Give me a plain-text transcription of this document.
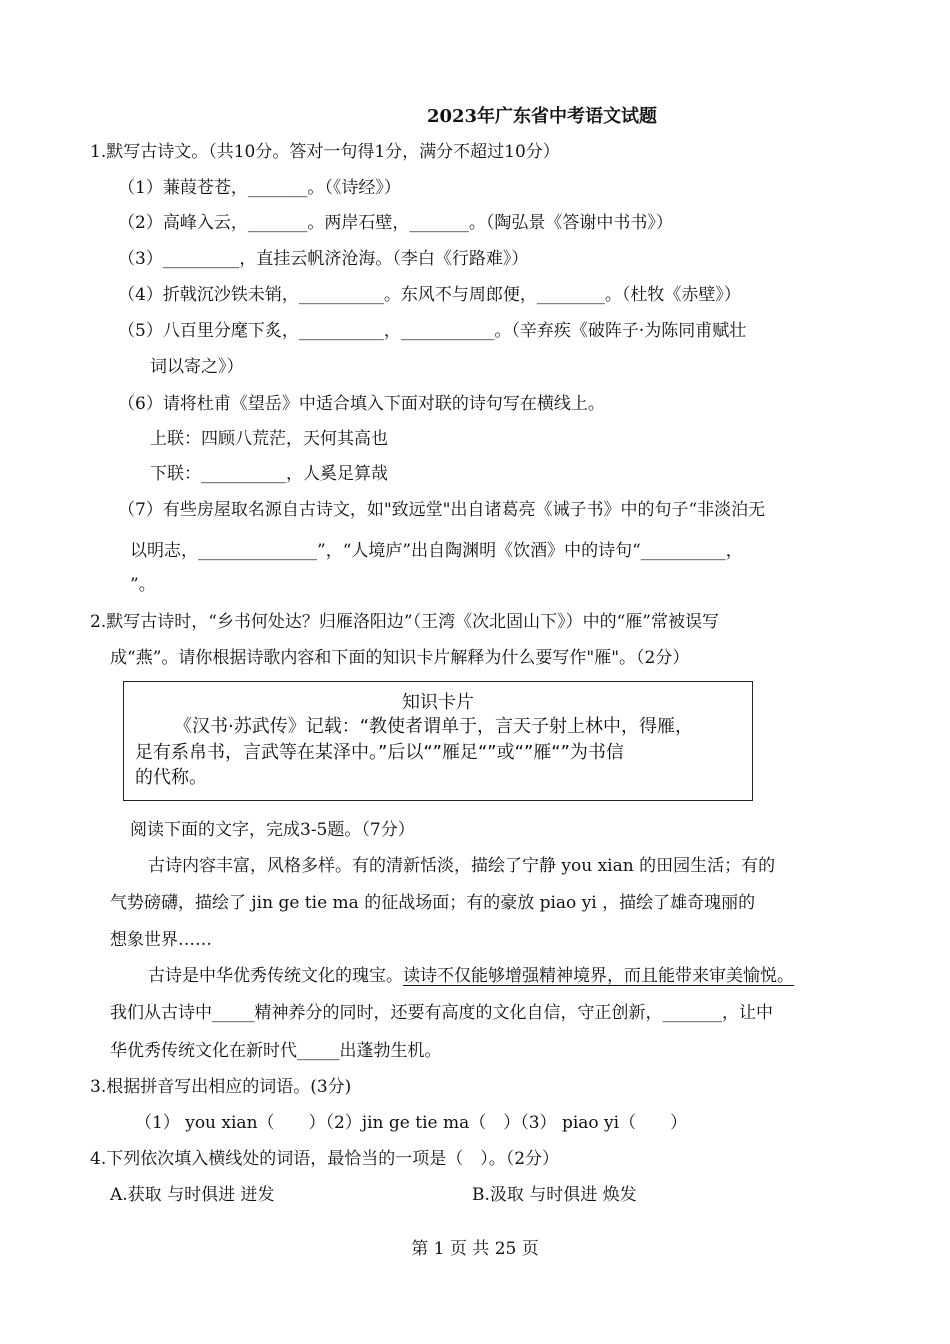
2023年广东省中考语文试题
1.默写古诗文。（共10分。答对一句得1分，满分不超过10分）
（1）蒹葭苍苍，_______。（《诗经》）
（2）高峰入云，_______。两岸石壁，_______。（陶弘景《答谢中书书》）
（3）_________，直挂云帆济沧海。（李白《行路难》）
（4）折戟沉沙铁未销，__________。东风不与周郎便，________。（杜牧《赤壁》）
（5）八百里分麾下炙，__________，___________。（辛弃疾《破阵子·为陈同甫赋壮
词以寄之》）
（6）请将杜甫《望岳》中适合填入下面对联的诗句写在横线上。
上联：四顾八荒茫，天何其高也
下联：__________，人奚足算哉
（7）有些房屋取名源自古诗文，如"致远堂"出自诸葛亮《诫子书》中的句子“非淡泊无
以明志，______________”，“人境庐”出自陶渊明《饮酒》中的诗句“__________，
”。
2.默写古诗时，“乡书何处达？归雁洛阳边”（王湾《次北固山下》）中的“雁”常被误写
成“燕”。请你根据诗歌内容和下面的知识卡片解释为什么要写作"雁"。（2分）
知识卡片
《汉书·苏武传》记载：“教使者谓单于，言天子射上林中，得雁，
足有系帛书，言武等在某泽中。”后以“”雁足“”或“”雁“”为书信
的代称。
阅读下面的文字，完成3-5题。（7分）
古诗内容丰富，风格多样。有的清新恬淡，描绘了宁静 you xian 的田园生活；有的
气势磅礴，描绘了 jin ge tie ma 的征战场面；有的豪放 piao yi ，描绘了雄奇瑰丽的
想象世界……
古诗是中华优秀传统文化的瑰宝。读诗不仅能够增强精神境界，而且能带来审美愉悦。
我们从古诗中_____精神养分的同时，还要有高度的文化自信，守正创新，_______，让中
华优秀传统文化在新时代_____出蓬勃生机。
3.根据拼音写出相应的词语。(3分)
（1） you xian（　　）（2）jin ge tie ma（　）（3） piao yi（　　）
4.下列依次填入横线处的词语，最恰当的一项是（　）。（2分）
A.获取 与时俱进 迸发	B.汲取 与时俱进 焕发
第 1 页 共 25 页
